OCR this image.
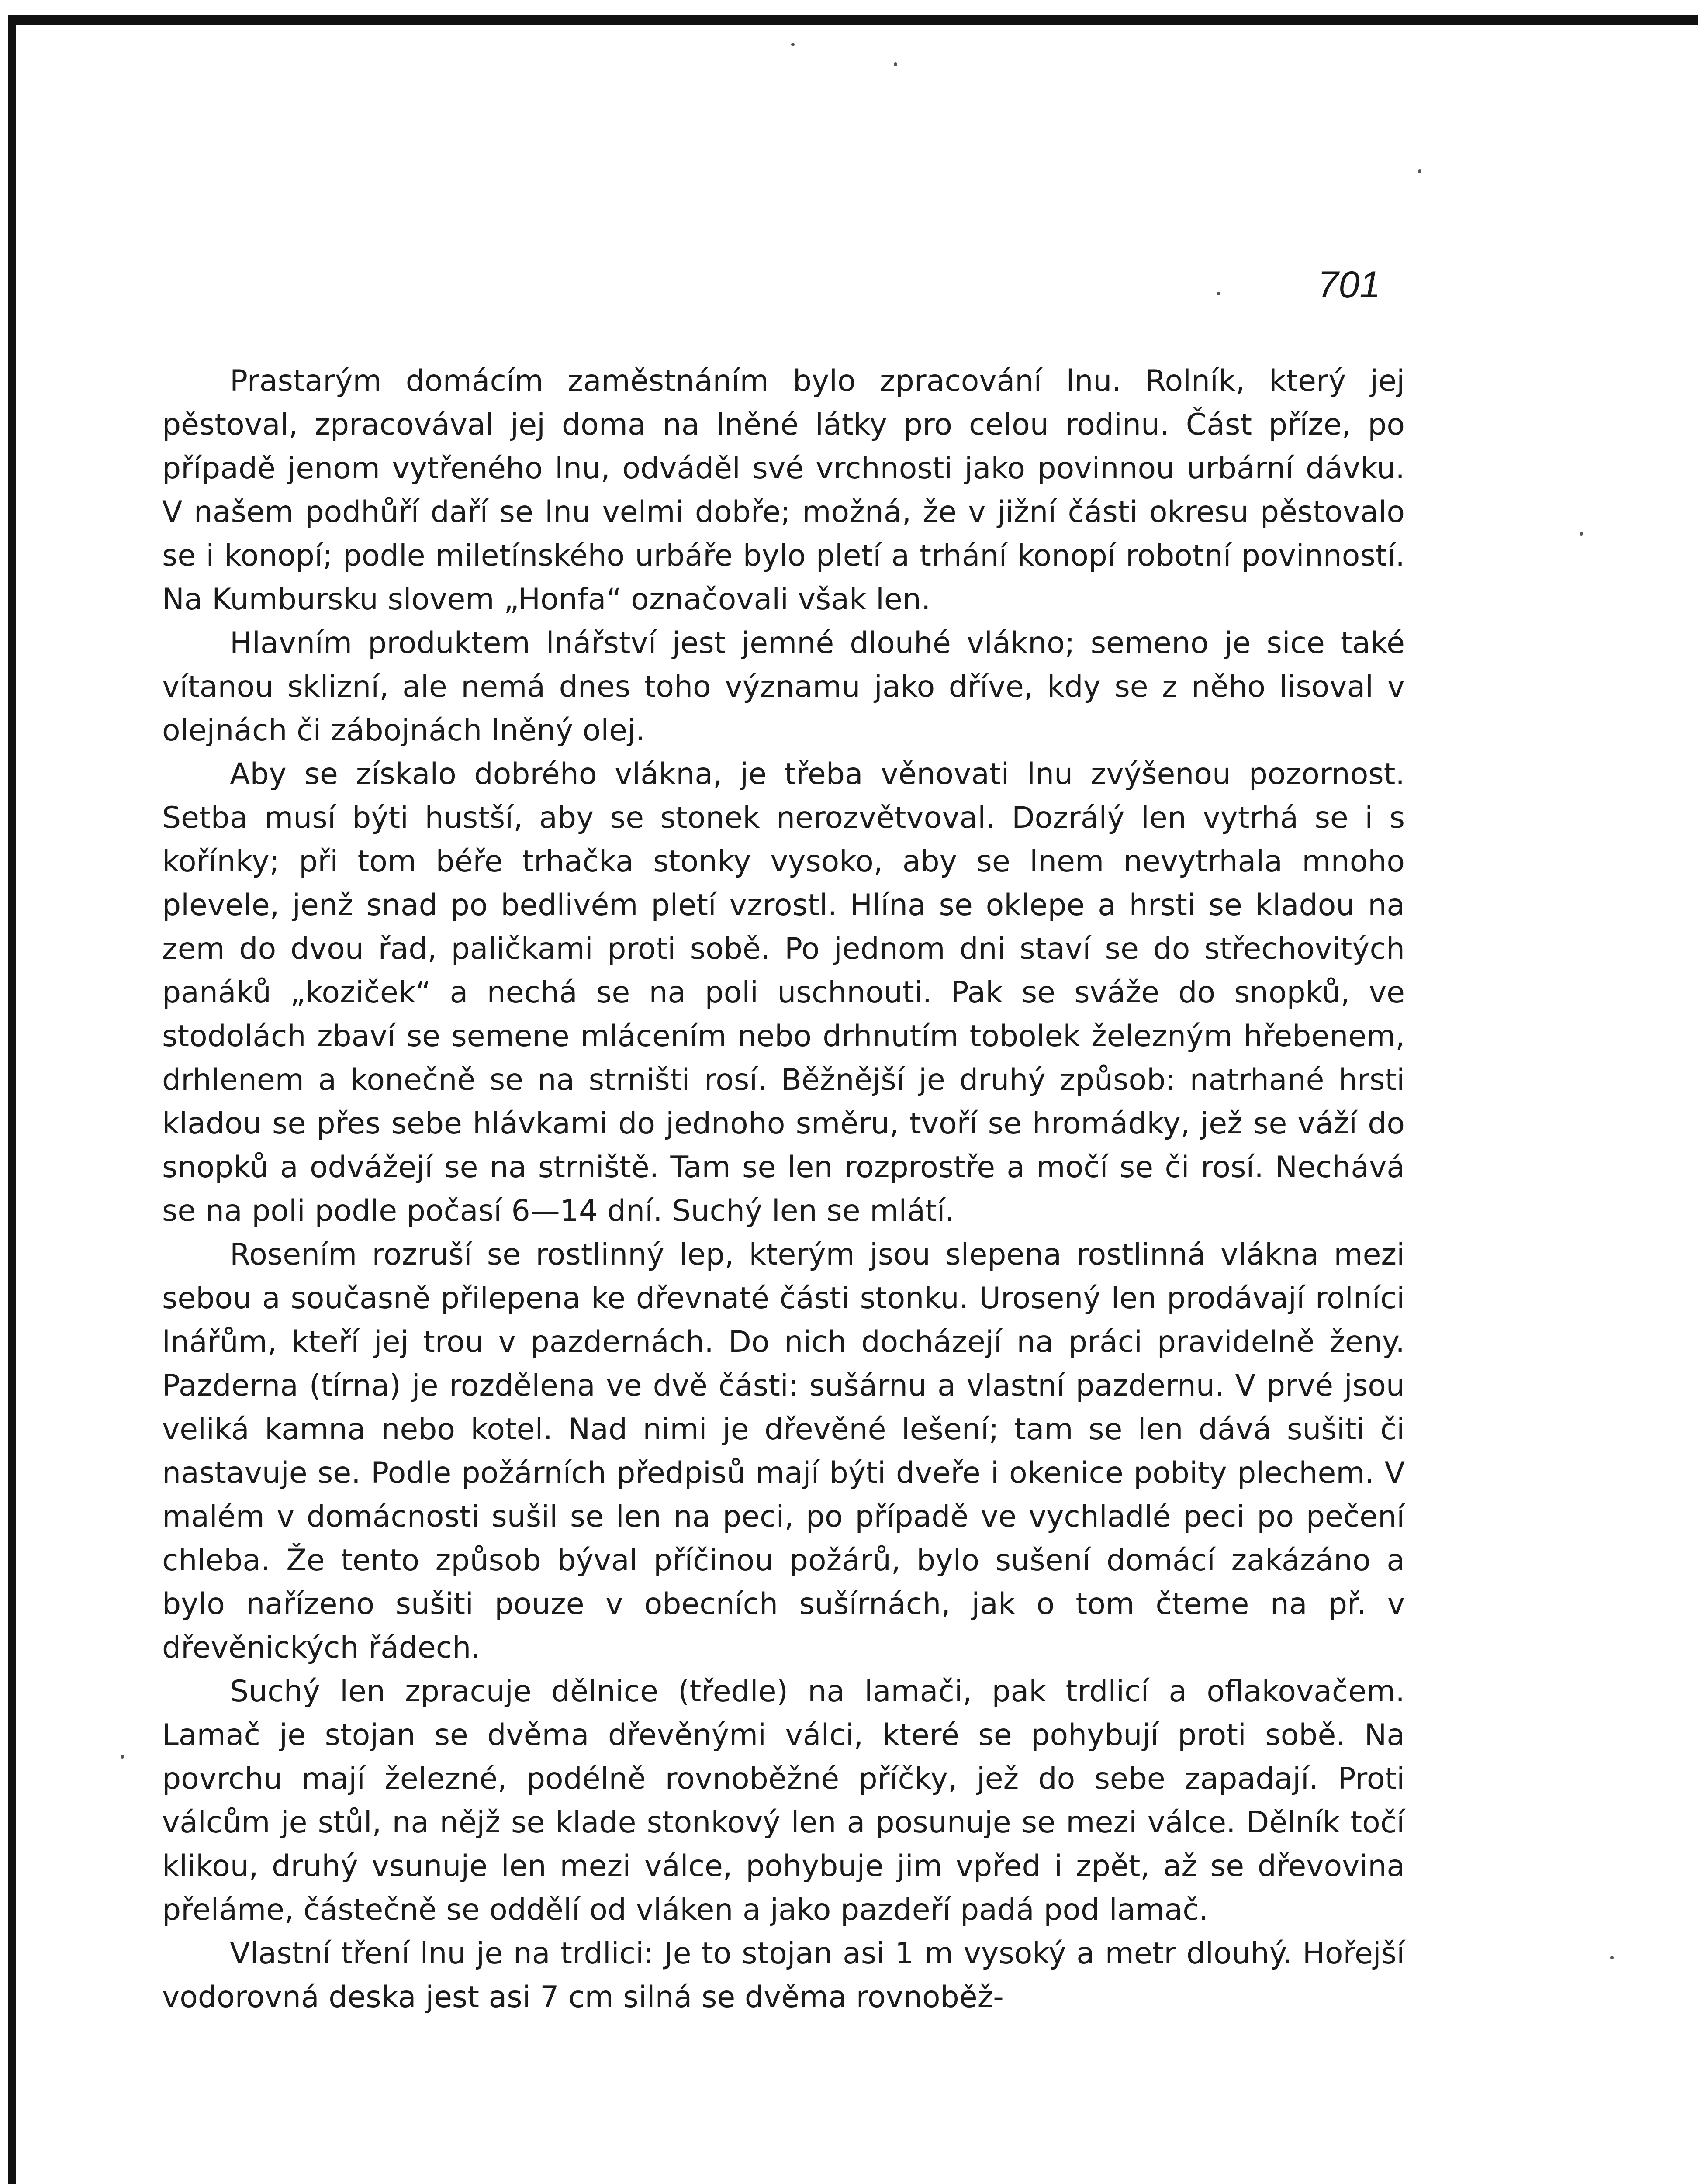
701

Prastarým domácím zaměstnáním bylo zpracování lnu. Rolník, který jej pěstoval, zpracovával jej doma na lněné látky pro celou rodinu. Část příze, po případě jenom vytřeného lnu, odváděl své vrchnosti jako povinnou urbární dávku. V našem podhůří daří se lnu velmi dobře; možná, že v jižní části okresu pěstovalo se i konopí; podle miletínského urbáře bylo pletí a trhání konopí robotní povinností. Na Kumbursku slovem „Honfa“ označovali však len.

Hlavním produktem lnářství jest jemné dlouhé vlákno; semeno je sice také vítanou sklizní, ale nemá dnes toho významu jako dříve, kdy se z něho lisoval v olejnách či zábojnách lněný olej.

Aby se získalo dobrého vlákna, je třeba věnovati lnu zvýšenou pozornost. Setba musí býti hustší, aby se stonek nerozvětvoval. Dozrálý len vytrhá se i s kořínky; při tom béře trhačka stonky vysoko, aby se lnem nevytrhala mnoho plevele, jenž snad po bedlivém pletí vzrostl. Hlína se oklepe a hrsti se kladou na zem do dvou řad, paličkami proti sobě. Po jednom dni staví se do střechovitých panáků „koziček“ a nechá se na poli uschnouti. Pak se sváže do snopků, ve stodolách zbaví se semene mlácením nebo drhnutím tobolek železným hřebenem, drhlenem a konečně se na strništi rosí. Běžnější je druhý způsob: natrhané hrsti kladou se přes sebe hlávkami do jednoho směru, tvoří se hromádky, jež se váží do snopků a odvážejí se na strniště. Tam se len rozprostře a močí se či rosí. Nechává se na poli podle počasí 6—14 dní. Suchý len se mlátí.

Rosením rozruší se rostlinný lep, kterým jsou slepena rostlinná vlákna mezi sebou a současně přilepena ke dřevnaté části stonku. Urosený len prodávají rolníci lnářům, kteří jej trou v pazdernách. Do nich docházejí na práci pravidelně ženy. Pazderna (tírna) je rozdělena ve dvě části: sušárnu a vlastní pazdernu. V prvé jsou veliká kamna nebo kotel. Nad nimi je dřevěné lešení; tam se len dává sušiti či nastavuje se. Podle požárních předpisů mají býti dveře i okenice pobity plechem. V malém v domácnosti sušil se len na peci, po případě ve vychladlé peci po pečení chleba. Že tento způsob býval příčinou požárů, bylo sušení domácí zakázáno a bylo nařízeno sušiti pouze v obecních sušírnách, jak o tom čteme na př. v dřevěnických řádech.

Suchý len zpracuje dělnice (tředle) na lamači, pak trdlicí a oflakovačem. Lamač je stojan se dvěma dřevěnými válci, které se pohybují proti sobě. Na povrchu mají železné, podélně rovnoběžné příčky, jež do sebe zapadají. Proti válcům je stůl, na nějž se klade stonkový len a posunuje se mezi válce. Dělník točí klikou, druhý vsunuje len mezi válce, pohybuje jim vpřed i zpět, až se dřevovina přelámе, částečně se oddělí od vláken a jako pazdeří padá pod lamač.

Vlastní tření lnu je na trdlici: Je to stojan asi 1 m vysoký a metr dlouhý. Hořejší vodorovná deska jest asi 7 cm silná se dvěma rovnoběž-
